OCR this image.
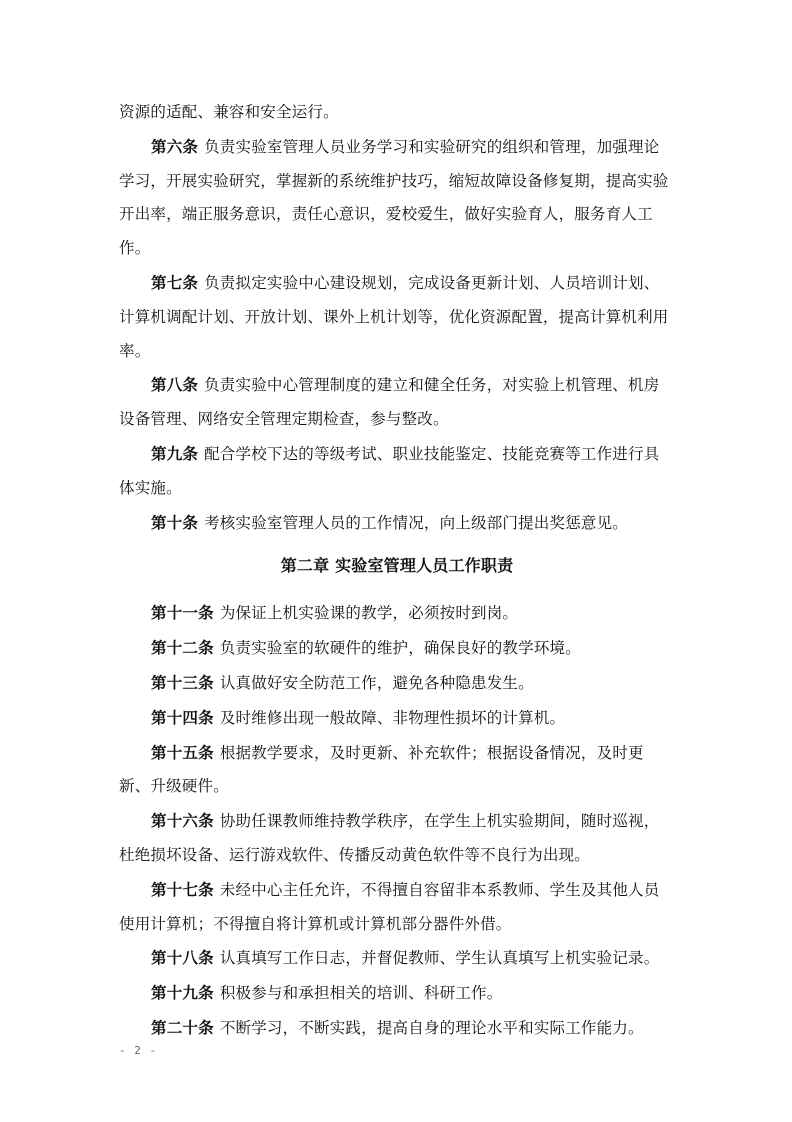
资源的适配、兼容和安全运行。

第六条 负责实验室管理人员业务学习和实验研究的组织和管理，加强理论学习，开展实验研究，掌握新的系统维护技巧，缩短故障设备修复期，提高实验开出率，端正服务意识，责任心意识，爱校爱生，做好实验育人，服务育人工作。

第七条 负责拟定实验中心建设规划，完成设备更新计划、人员培训计划、计算机调配计划、开放计划、课外上机计划等，优化资源配置，提高计算机利用率。

第八条 负责实验中心管理制度的建立和健全任务，对实验上机管理、机房设备管理、网络安全管理定期检查，参与整改。

第九条 配合学校下达的等级考试、职业技能鉴定、技能竞赛等工作进行具体实施。

第十条 考核实验室管理人员的工作情况，向上级部门提出奖惩意见。

第二章 实验室管理人员工作职责

第十一条 为保证上机实验课的教学，必须按时到岗。

第十二条 负责实验室的软硬件的维护，确保良好的教学环境。

第十三条 认真做好安全防范工作，避免各种隐患发生。

第十四条 及时维修出现一般故障、非物理性损坏的计算机。

第十五条 根据教学要求，及时更新、补充软件；根据设备情况，及时更新、升级硬件。

第十六条 协助任课教师维持教学秩序，在学生上机实验期间，随时巡视，杜绝损坏设备、运行游戏软件、传播反动黄色软件等不良行为出现。

第十七条 未经中心主任允许，不得擅自容留非本系教师、学生及其他人员使用计算机；不得擅自将计算机或计算机部分器件外借。

第十八条 认真填写工作日志，并督促教师、学生认真填写上机实验记录。

第十九条 积极参与和承担相关的培训、科研工作。

第二十条 不断学习，不断实践，提高自身的理论水平和实际工作能力。

- 2 -
